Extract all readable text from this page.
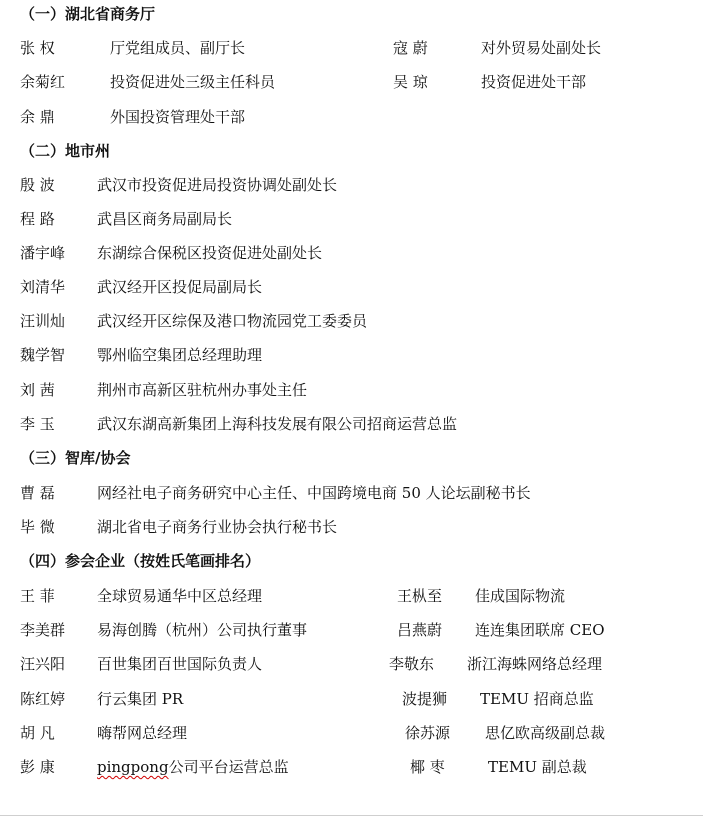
（一）湖北省商务厅
张 权	厅党组成员、副厅长	寇 蔚	对外贸易处副处长
余菊红	投资促进处三级主任科员	吴 琼	投资促进处干部
余 鼎	外国投资管理处干部
（二）地市州
殷 波	武汉市投资促进局投资协调处副处长
程 路	武昌区商务局副局长
潘宇峰	东湖综合保税区投资促进处副处长
刘清华	武汉经开区投促局副局长
汪训灿	武汉经开区综保及港口物流园党工委委员
魏学智	鄂州临空集团总经理助理
刘 茜	荆州市高新区驻杭州办事处主任
李 玉	武汉东湖高新集团上海科技发展有限公司招商运营总监
（三）智库/协会
曹 磊	网经社电子商务研究中心主任、中国跨境电商 50 人论坛副秘书长
毕 微	湖北省电子商务行业协会执行秘书长
（四）参会企业（按姓氏笔画排名）
王 菲	全球贸易通华中区总经理	王枞至	佳成国际物流
李美群	易海创腾（杭州）公司执行董事	吕燕蔚	连连集团联席 CEO
汪兴阳	百世集团百世国际负责人	李敬东	浙江海蛛网络总经理
陈红婷	行云集团 PR	波提狮	TEMU 招商总监
胡 凡	嗨帮网总经理	徐苏源	思亿欧高级副总裁
彭 康	pingpong公司平台运营总监	椰 枣	TEMU 副总裁
